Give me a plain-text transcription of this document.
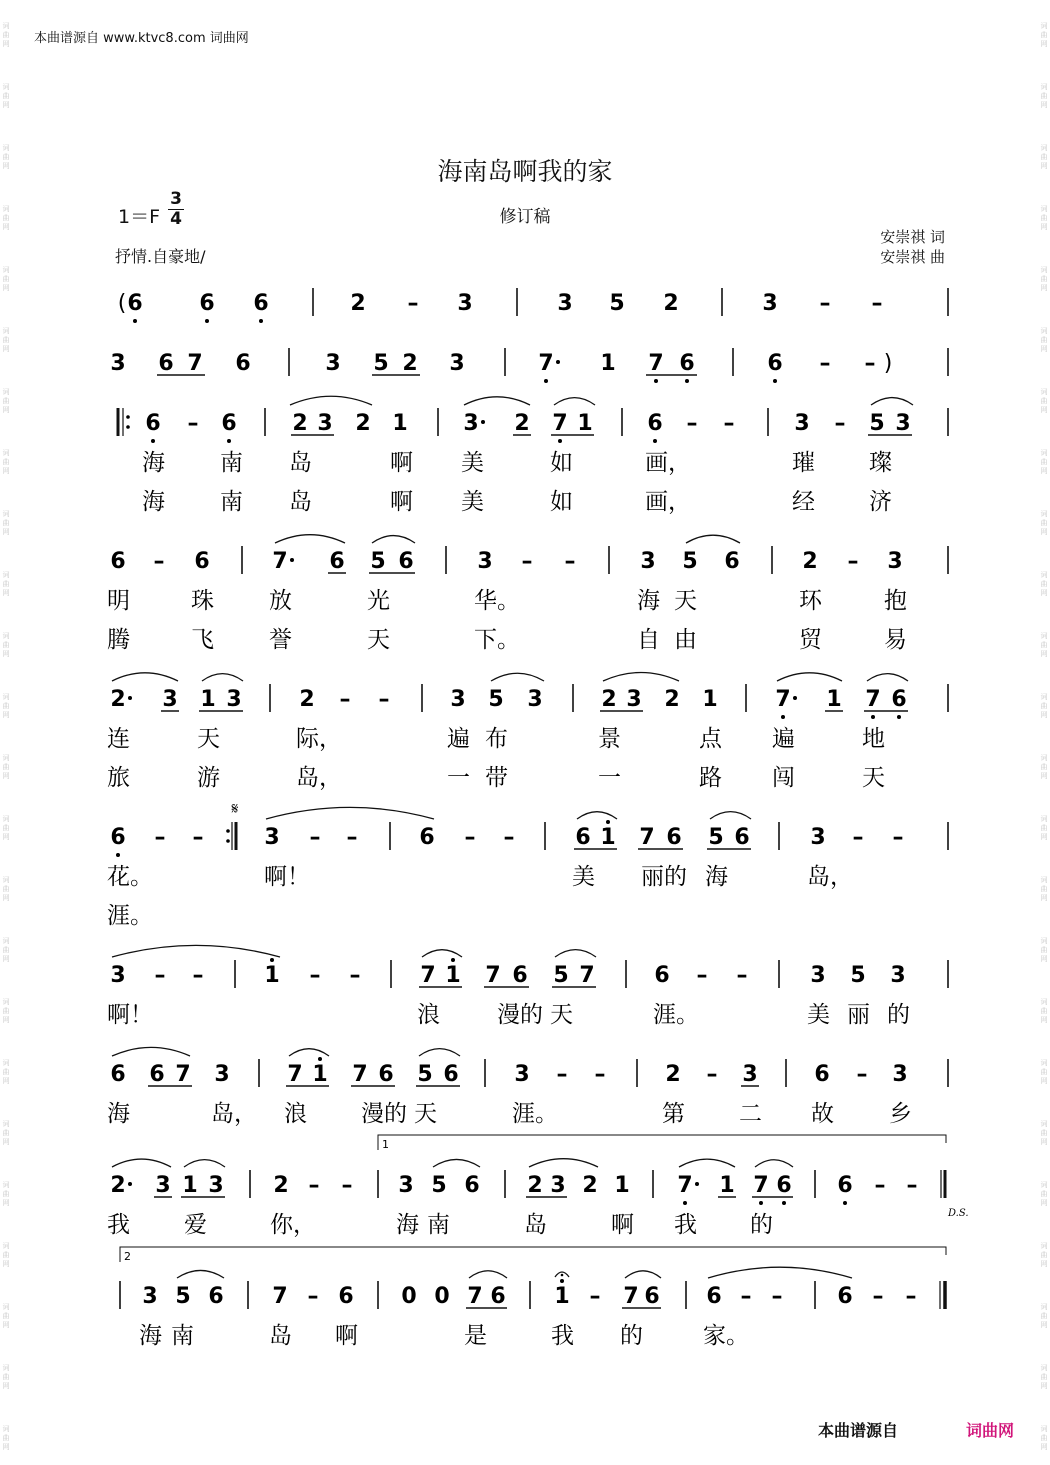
词
曲
网
词
曲
网
词
曲
网
词
曲
网
词
曲
网
词
曲
网
词
曲
网
词
曲
网
词
曲
网
词
曲
网
词
曲
网
词
曲
网
词
曲
网
词
曲
网
词
曲
网
词
曲
网
词
曲
网
词
曲
网
词
曲
网
词
曲
网
词
曲
网
词
曲
网
词
曲
网
词
曲
网
词
曲
网
词
曲
网
词
曲
网
词
曲
网
词
曲
网
词
曲
网
词
曲
网
词
曲
网
词
曲
网
词
曲
网
词
曲
网
词
曲
网
词
曲
网
词
曲
网
词
曲
网
词
曲
网
词
曲
网
词
曲
网
词
曲
网
词
曲
网
词
曲
网
词
曲
网
词
曲
网
词
曲
网
本曲谱源自 www.ktvc8.com 词曲网
海南岛啊我的家
修订稿
$1=F \frac{3}{4}$
抒情.自豪地/
安崇祺 词
安崇祺 曲
( 6	6 6	2 – 3	3 5 2	3 – –
3 6 7 6	3 5 2 3	7 1 7 6	6 – – )
6 – 6	2 3 2 1	3 2 7 1 6 – –	3 – 5 3
海 南 岛	啊 美	如	画，	璀 璨
海 南 岛	啊 美	如	画，	经 济
6 – 6	7 6 5 6	3 – –	3 5 6	2 – 3
明	珠 放	光	华。	海 天	环	抱
腾	飞 誉	天	下。	自 由	贸	易
2 3 1 3	2 – –	3 5 3	2 3 2 1	7 1 7 6
连	天	际，	遍 布	景	点 遍	地
旅	游	岛，	一 带	一	路 闯	天
6 – –	3 – –	6 – –	6 1 7 6 5 6	3 – –
𝄋
花。	啊！	美 丽的 海	岛，
涯。
3 – –	1 – –	7 1 7 6 5 7	6 – –	3 5 3
啊！	浪 漫的 天	涯。	美 丽 的
6 6 7 3	7 1 7 6 5 6	3 – –	2 – 3	6 – 3
海	岛， 浪 漫的 天	涯。	第 二 故 乡
2 3 1 3 2 – – 3 5 6 2 3 2 1 7 1 7 6 6 – –
D.S.
我 爱	你，	海 南	岛	啊 我 的
3 5 6 7 – 6 0 0 7 6 1 – 7 6 6 – – 6 – –
海 南	岛 啊	是	我 的	家。
1
2
本曲谱源自	词曲网
